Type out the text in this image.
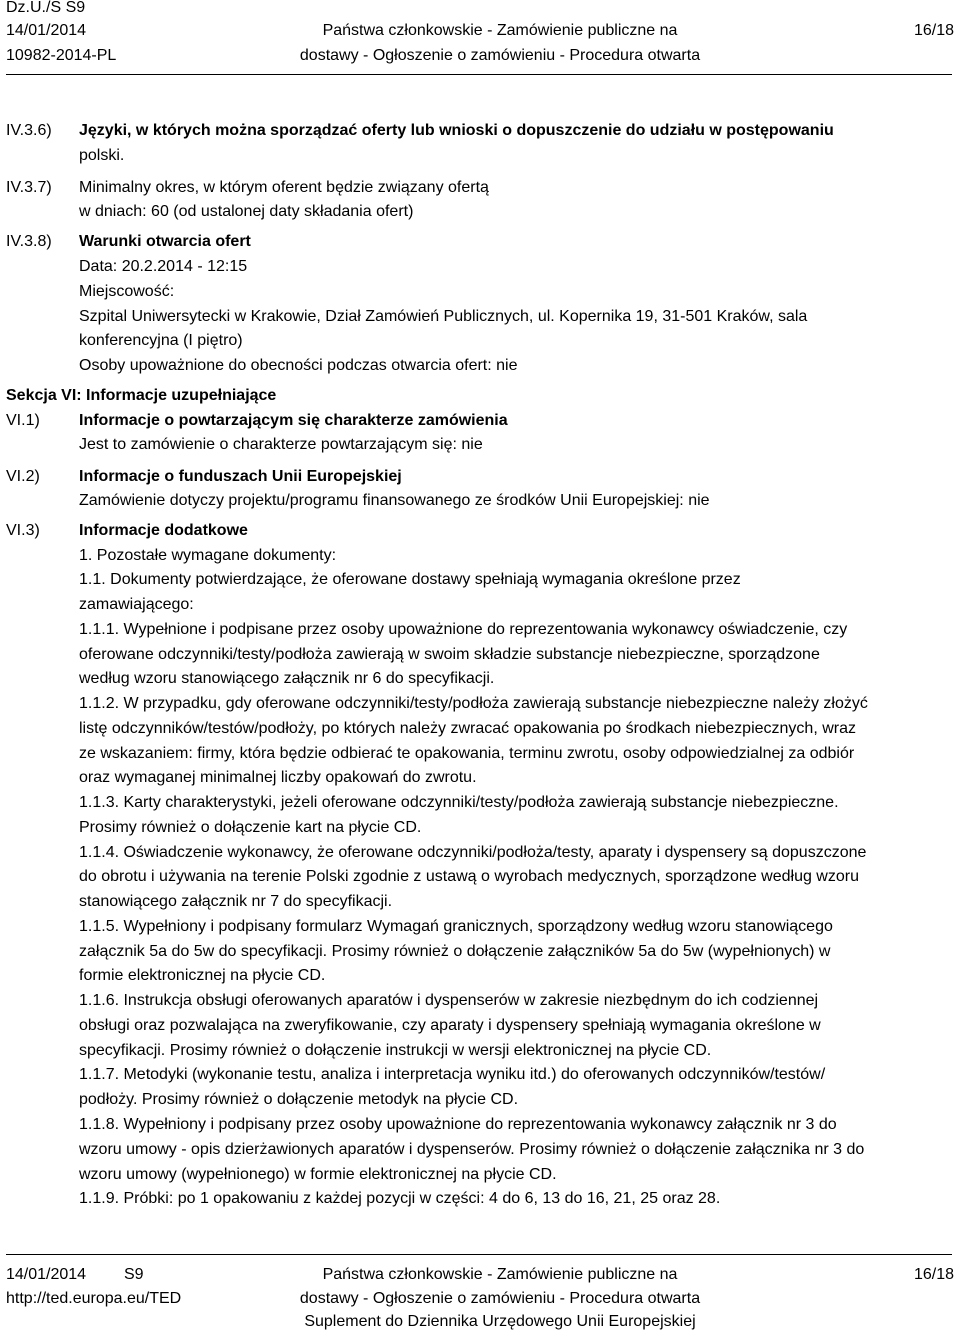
Dz.U./S S9
14/01/2014
10982-2014-PL
Państwa członkowskie - Zamówienie publiczne na
dostawy - Ogłoszenie o zamówieniu - Procedura otwarta
16/18
IV.3.6) Języki, w których można sporządzać oferty lub wnioski o dopuszczenie do udziału w postępowaniu
polski.
IV.3.7) Minimalny okres, w którym oferent będzie związany ofertą
w dniach: 60 (od ustalonej daty składania ofert)
IV.3.8) Warunki otwarcia ofert
Data: 20.2.2014 - 12:15
Miejscowość:
Szpital Uniwersytecki w Krakowie, Dział Zamówień Publicznych, ul. Kopernika 19, 31-501 Kraków, sala
konferencyjna (I piętro)
Osoby upoważnione do obecności podczas otwarcia ofert: nie
Sekcja VI: Informacje uzupełniające
VI.1) Informacje o powtarzającym się charakterze zamówienia
Jest to zamówienie o charakterze powtarzającym się: nie
VI.2) Informacje o funduszach Unii Europejskiej
Zamówienie dotyczy projektu/programu finansowanego ze środków Unii Europejskiej: nie
VI.3) Informacje dodatkowe
1. Pozostałe wymagane dokumenty:
1.1. Dokumenty potwierdzające, że oferowane dostawy spełniają wymagania określone przez
zamawiającego:
1.1.1. Wypełnione i podpisane przez osoby upoważnione do reprezentowania wykonawcy oświadczenie, czy
oferowane odczynniki/testy/podłoża zawierają w swoim składzie substancje niebezpieczne, sporządzone
według wzoru stanowiącego załącznik nr 6 do specyfikacji.
1.1.2. W przypadku, gdy oferowane odczynniki/testy/podłoża zawierają substancje niebezpieczne należy złożyć
listę odczynników/testów/podłoży, po których należy zwracać opakowania po środkach niebezpiecznych, wraz
ze wskazaniem: firmy, która będzie odbierać te opakowania, terminu zwrotu, osoby odpowiedzialnej za odbiór
oraz wymaganej minimalnej liczby opakowań do zwrotu.
1.1.3. Karty charakterystyki, jeżeli oferowane odczynniki/testy/podłoża zawierają substancje niebezpieczne.
Prosimy również o dołączenie kart na płycie CD.
1.1.4. Oświadczenie wykonawcy, że oferowane odczynniki/podłoża/testy, aparaty i dyspensery są dopuszczone
do obrotu i używania na terenie Polski zgodnie z ustawą o wyrobach medycznych, sporządzone według wzoru
stanowiącego załącznik nr 7 do specyfikacji.
1.1.5. Wypełniony i podpisany formularz Wymagań granicznych, sporządzony według wzoru stanowiącego
załącznik 5a do 5w do specyfikacji. Prosimy również o dołączenie załączników 5a do 5w (wypełnionych) w
formie elektronicznej na płycie CD.
1.1.6. Instrukcja obsługi oferowanych aparatów i dyspenserów w zakresie niezbędnym do ich codziennej
obsługi oraz pozwalająca na zweryfikowanie, czy aparaty i dyspensery spełniają wymagania określone w
specyfikacji. Prosimy również o dołączenie instrukcji w wersji elektronicznej na płycie CD.
1.1.7. Metodyki (wykonanie testu, analiza i interpretacja wyniku itd.) do oferowanych odczynników/testów/
podłoży. Prosimy również o dołączenie metodyk na płycie CD.
1.1.8. Wypełniony i podpisany przez osoby upoważnione do reprezentowania wykonawcy załącznik nr 3 do
wzoru umowy - opis dzierżawionych aparatów i dyspenserów. Prosimy również o dołączenie załącznika nr 3 do
wzoru umowy (wypełnionego) w formie elektronicznej na płycie CD.
1.1.9. Próbki: po 1 opakowaniu z każdej pozycji w części: 4 do 6, 13 do 16, 21, 25 oraz 28.
14/01/2014 S9
http://ted.europa.eu/TED
Państwa członkowskie - Zamówienie publiczne na
dostawy - Ogłoszenie o zamówieniu - Procedura otwarta
Suplement do Dziennika Urzędowego Unii Europejskiej
16/18
